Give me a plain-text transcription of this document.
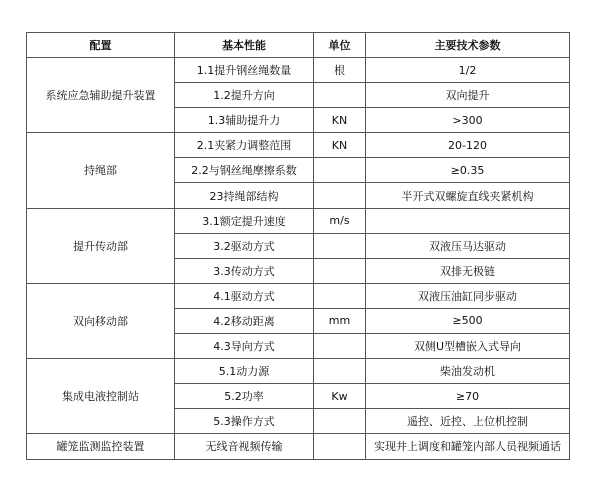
配置	基本性能	单位	主要技术参数
系统应急辅助提升装置	1.1提升钢丝绳数量	根	1/2
	1.2提升方向		双向提升
	1.3辅助提升力	KN	>300
持绳部	2.1夹紧力调整范围	KN	20-120
	2.2与钢丝绳摩擦系数		≥0.35
	23持绳部结构		半开式双螺旋直线夹紧机构
提升传动部	3.1额定提升速度	m/s	
	3.2驱动方式		双液压马达驱动
	3.3传动方式		双排无极链
双向移动部	4.1驱动方式		双液压油缸同步驱动
	4.2移动距离	mm	≥500
	4.3导向方式		双侧U型槽嵌入式导向
集成电液控制站	5.1动力源		柴油发动机
	5.2功率	Kw	≥70
	5.3操作方式		遥控、近控、上位机控制
罐笼监测监控装置	无线音视频传输		实现井上调度和罐笼内部人员视频通话
